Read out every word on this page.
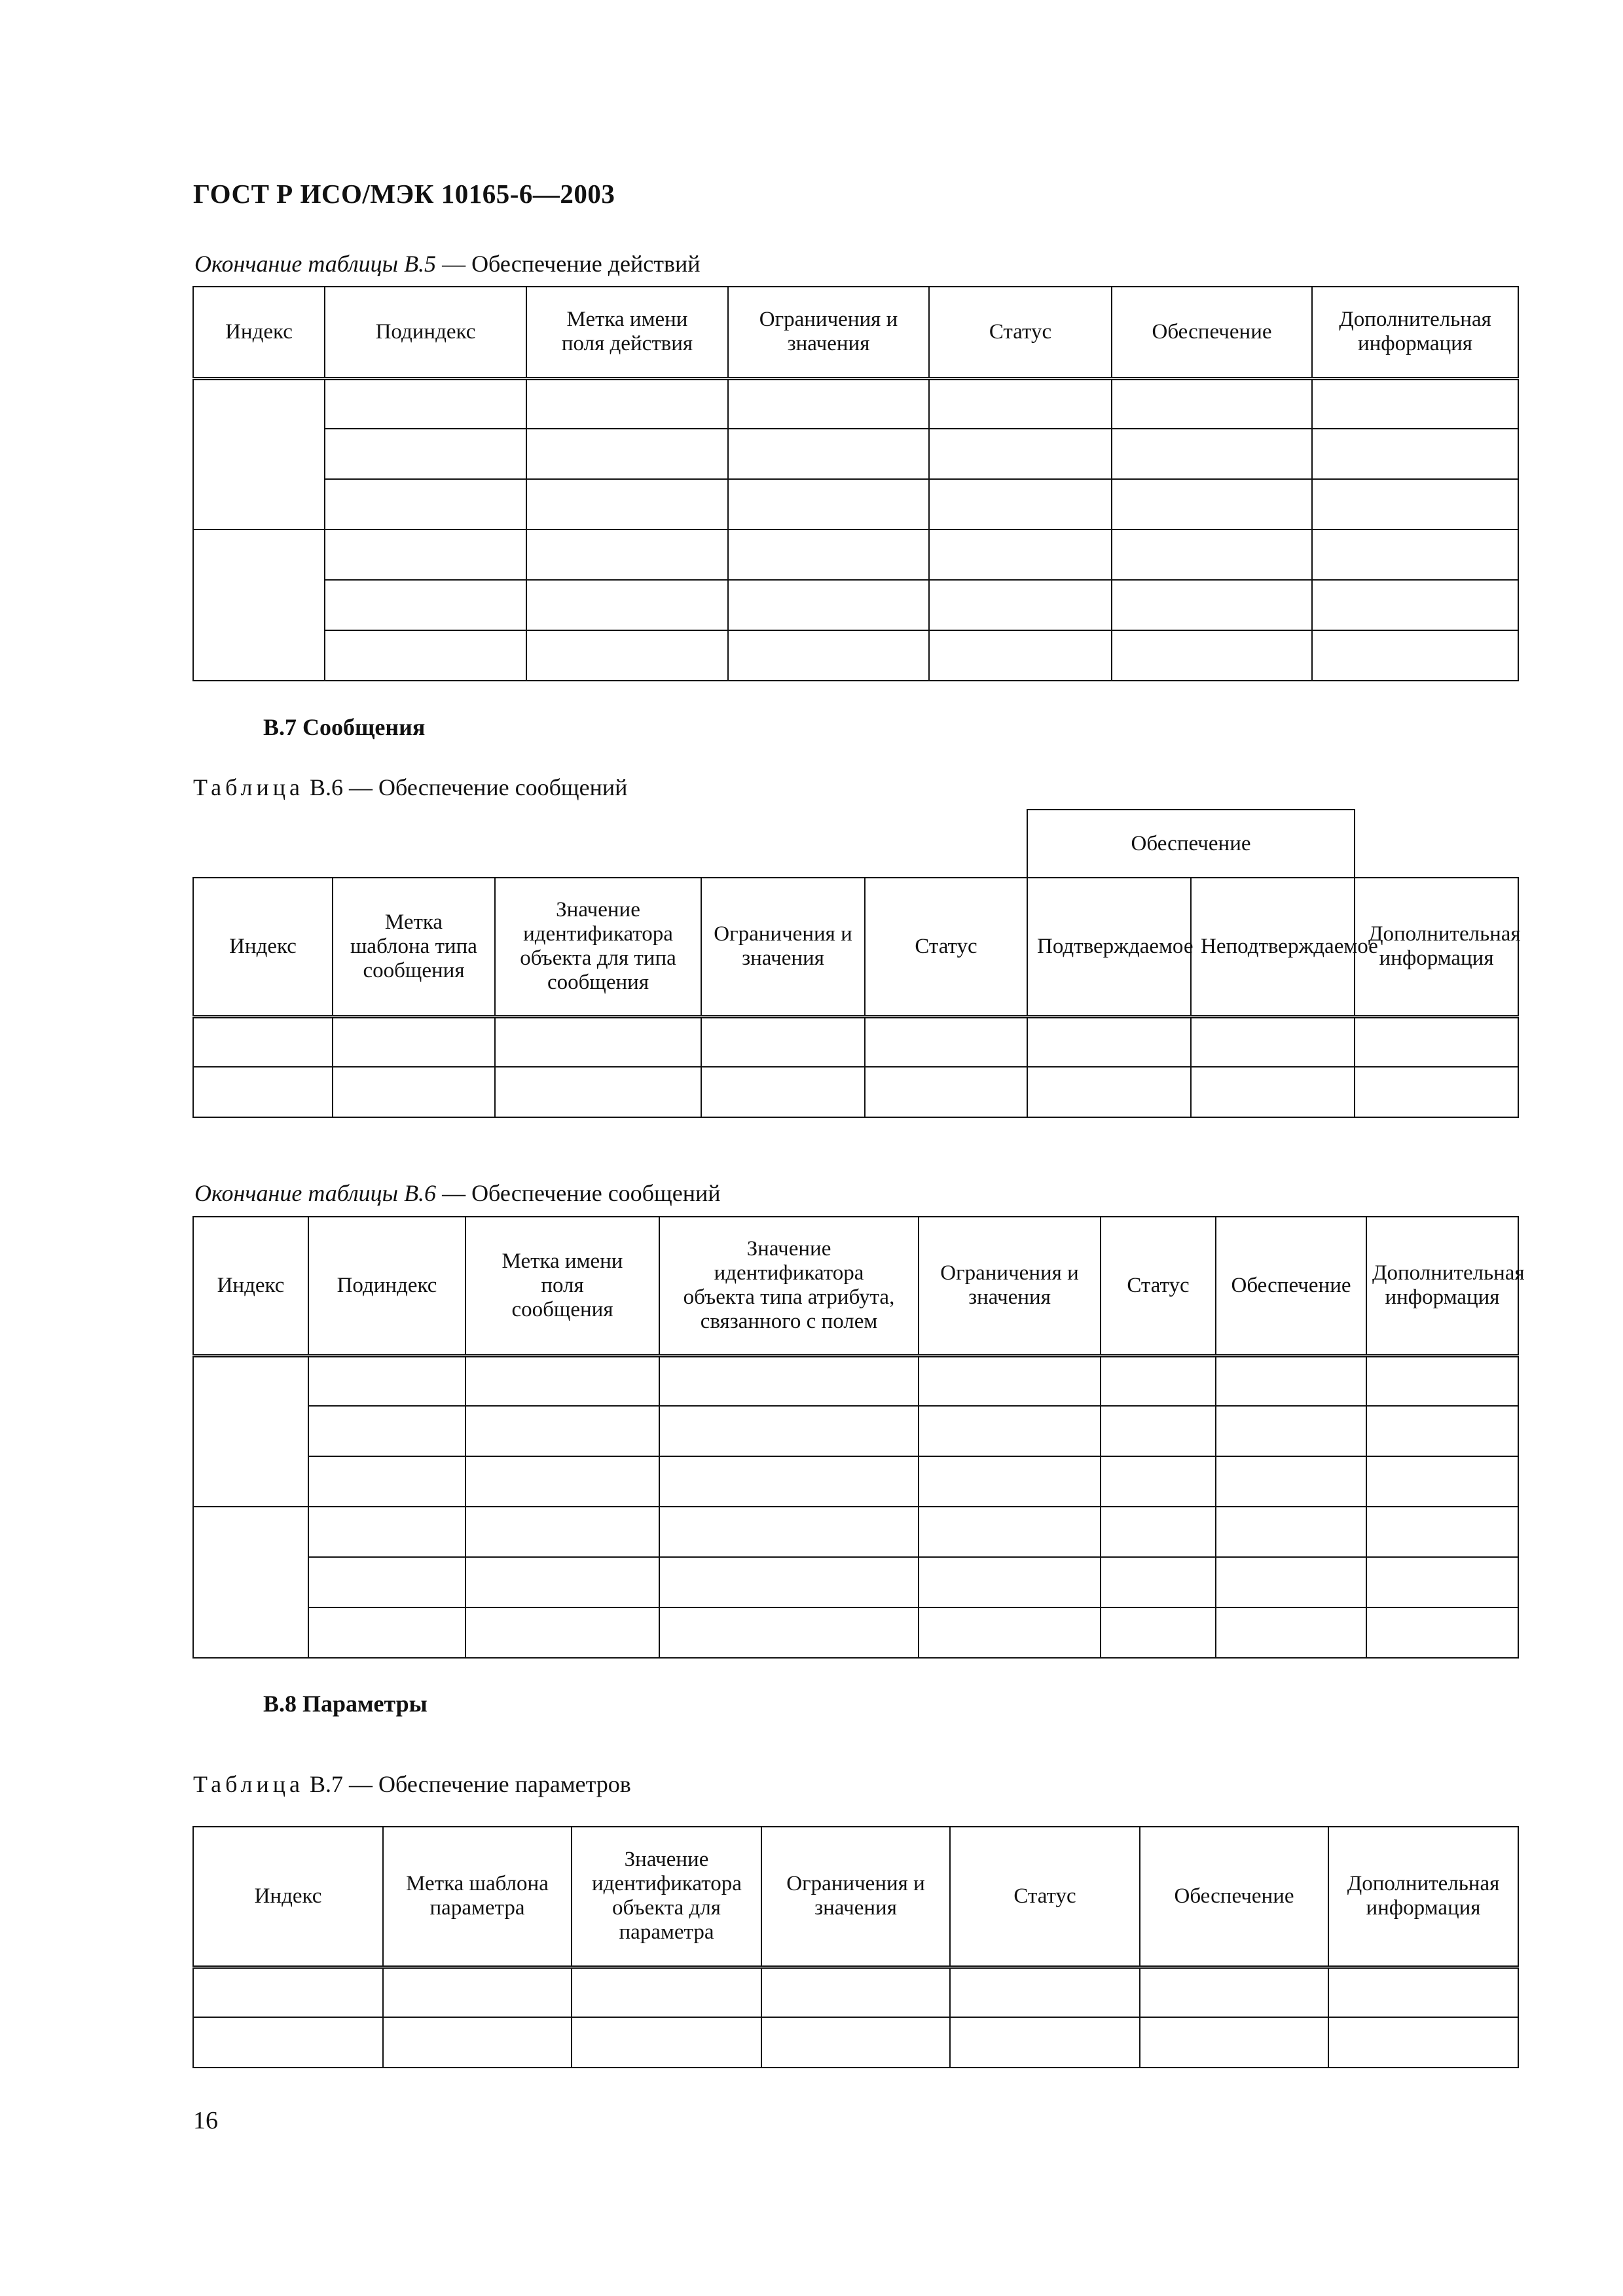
ГОСТ Р ИСО/МЭК 10165-6—2003
Окончание таблицы В.5 — Обеспечение действий
Индекс	Подиндекс	Метка имени поля действия	Ограничения и значения	Статус	Обеспечение	Дополнительная информация

В.7 Сообщения
Таблица В.6 — Обеспечение сообщений
					Обеспечение		
Индекс	Метка шаблона типа сообщения	Значение идентификатора объекта для типа сообщения	Ограничения и значения	Статус	Подтверждаемое	Неподтверждаемое	Дополнительная информация

Окончание таблицы В.6 — Обеспечение сообщений
Индекс	Подиндекс	Метка имени поля сообщения	Значение идентификатора объекта типа атрибута, связанного с полем	Ограничения и значения	Статус	Обеспечение	Дополнительная информация

В.8 Параметры
Таблица В.7 — Обеспечение параметров
Индекс	Метка шаблона параметра	Значение идентификатора объекта для параметра	Ограничения и значения	Статус	Обеспечение	Дополнительная информация

16
